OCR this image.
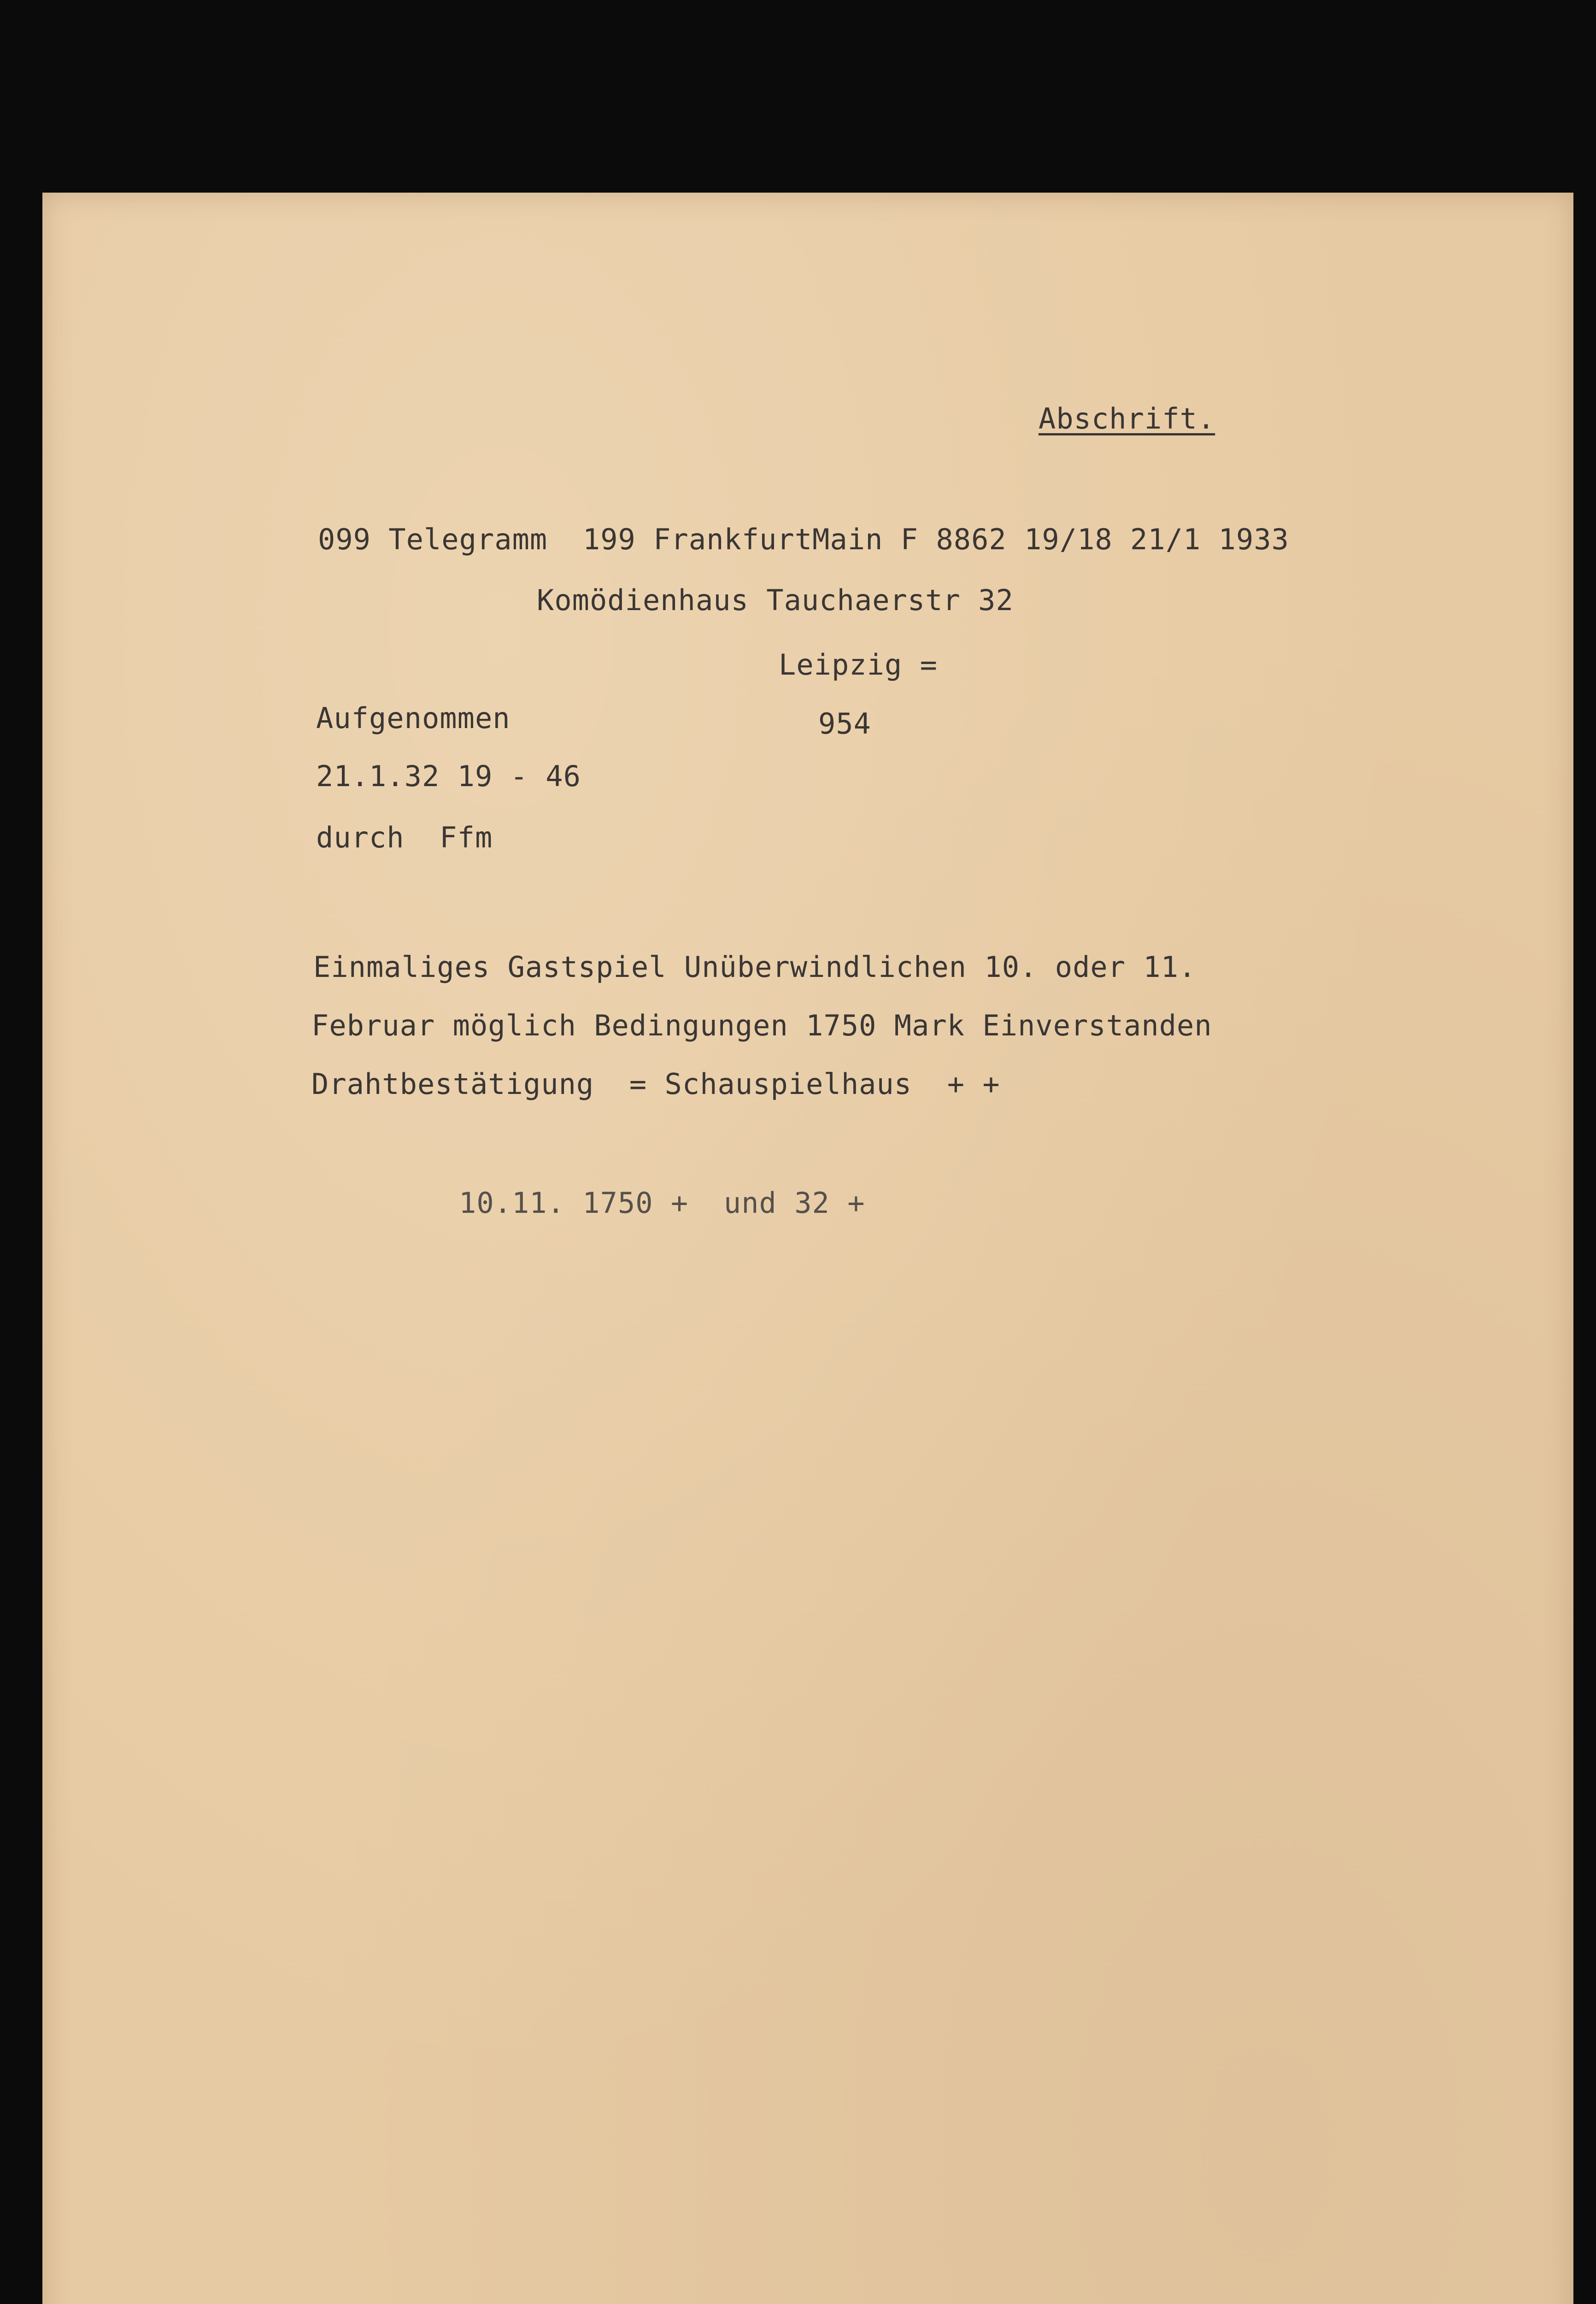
Abschrift.
099 Telegramm  199 FrankfurtMain F 8862 19/18 21/1 1933
Komödienhaus Tauchaerstr 32
Leipzig =
Aufgenommen	954
21.1.32 19 - 46
durch  Ffm
Einmaliges Gastspiel Unüberwindlichen 10. oder 11.
Februar möglich Bedingungen 1750 Mark Einverstanden
Drahtbestätigung  = Schauspielhaus  + +
10.11. 1750 +  und 32 +
